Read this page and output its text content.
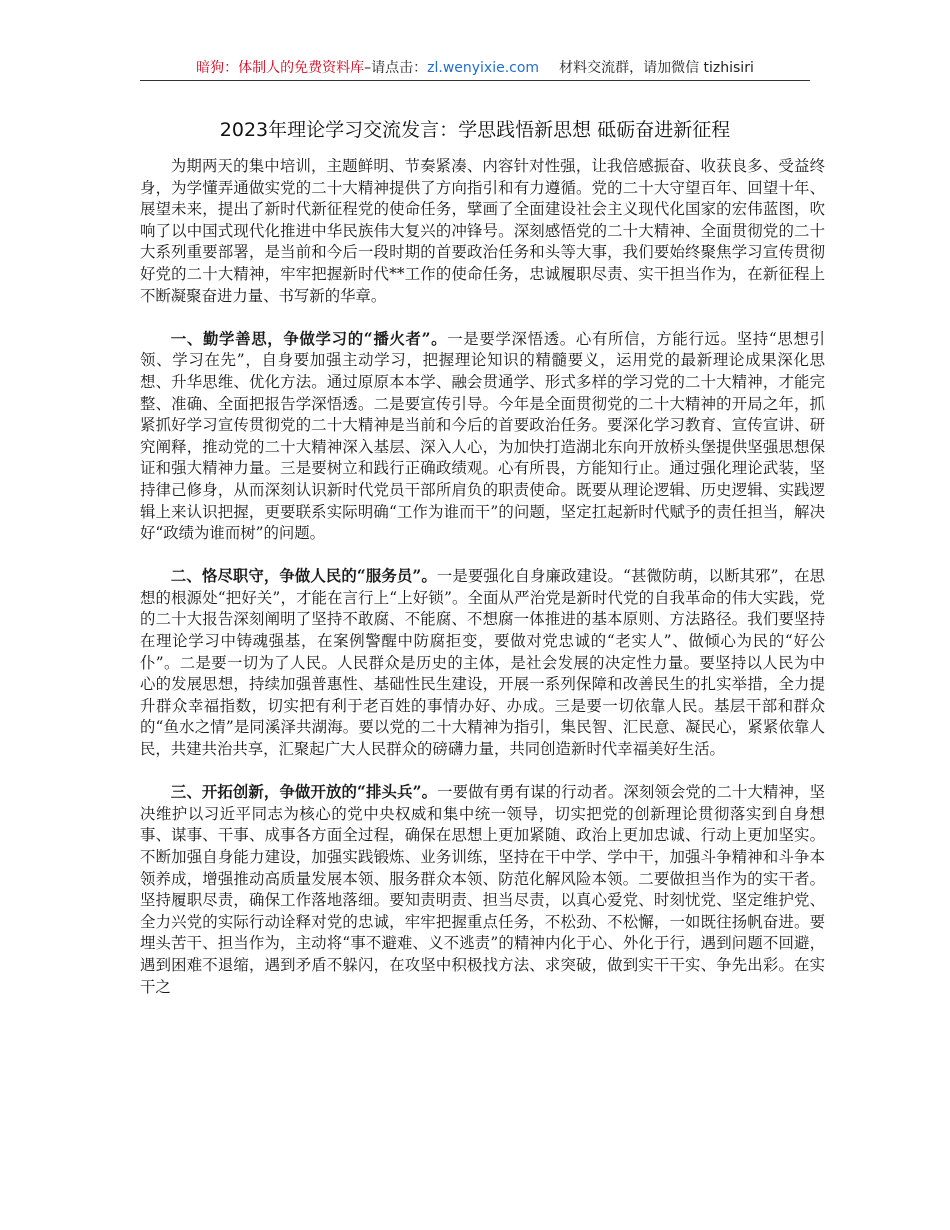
暗狗：体制人的免费资料库–请点击：zl.wenyixie.com 材料交流群，请加微信 tizhisiri
2023年理论学习交流发言：学思践悟新思想 砥砺奋进新征程

为期两天的集中培训，主题鲜明、节奏紧凑、内容针对性强，让我倍感振奋、收获良多、受益终身，为学懂弄通做实党的二十大精神提供了方向指引和有力遵循。党的二十大守望百年、回望十年、展望未来，提出了新时代新征程党的使命任务，擘画了全面建设社会主义现代化国家的宏伟蓝图，吹响了以中国式现代化推进中华民族伟大复兴的冲锋号。深刻感悟党的二十大精神、全面贯彻党的二十大系列重要部署，是当前和今后一段时期的首要政治任务和头等大事，我们要始终聚焦学习宣传贯彻好党的二十大精神，牢牢把握新时代**工作的使命任务，忠诚履职尽责、实干担当作为，在新征程上不断凝聚奋进力量、书写新的华章。

一、勤学善思，争做学习的“播火者”。一是要学深悟透。心有所信，方能行远。坚持“思想引领、学习在先”，自身要加强主动学习，把握理论知识的精髓要义，运用党的最新理论成果深化思想、升华思维、优化方法。通过原原本本学、融会贯通学、形式多样的学习党的二十大精神，才能完整、准确、全面把报告学深悟透。二是要宣传引导。今年是全面贯彻党的二十大精神的开局之年，抓紧抓好学习宣传贯彻党的二十大精神是当前和今后的首要政治任务。要深化学习教育、宣传宣讲、研究阐释，推动党的二十大精神深入基层、深入人心，为加快打造湖北东向开放桥头堡提供坚强思想保证和强大精神力量。三是要树立和践行正确政绩观。心有所畏，方能知行止。通过强化理论武装，坚持律己修身，从而深刻认识新时代党员干部所肩负的职责使命。既要从理论逻辑、历史逻辑、实践逻辑上来认识把握，更要联系实际明确“工作为谁而干”的问题，坚定扛起新时代赋予的责任担当，解决好“政绩为谁而树”的问题。

二、恪尽职守，争做人民的“服务员”。一是要强化自身廉政建设。“甚微防萌，以断其邪”，在思想的根源处“把好关”，才能在言行上“上好锁”。全面从严治党是新时代党的自我革命的伟大实践，党的二十大报告深刻阐明了坚持不敢腐、不能腐、不想腐一体推进的基本原则、方法路径。我们要坚持在理论学习中铸魂强基，在案例警醒中防腐拒变，要做对党忠诚的“老实人”、做倾心为民的“好公仆”。二是要一切为了人民。人民群众是历史的主体，是社会发展的决定性力量。要坚持以人民为中心的发展思想，持续加强普惠性、基础性民生建设，开展一系列保障和改善民生的扎实举措，全力提升群众幸福指数，切实把有利于老百姓的事情办好、办成。三是要一切依靠人民。基层干部和群众的“鱼水之情”是同溪泽共湖海。要以党的二十大精神为指引，集民智、汇民意、凝民心，紧紧依靠人民，共建共治共享，汇聚起广大人民群众的磅礴力量，共同创造新时代幸福美好生活。

三、开拓创新，争做开放的“排头兵”。一要做有勇有谋的行动者。深刻领会党的二十大精神，坚决维护以习近平同志为核心的党中央权威和集中统一领导，切实把党的创新理论贯彻落实到自身想事、谋事、干事、成事各方面全过程，确保在思想上更加紧随、政治上更加忠诚、行动上更加坚实。不断加强自身能力建设，加强实践锻炼、业务训练，坚持在干中学、学中干，加强斗争精神和斗争本领养成，增强推动高质量发展本领、服务群众本领、防范化解风险本领。二要做担当作为的实干者。坚持履职尽责，确保工作落地落细。要知责明责、担当尽责，以真心爱党、时刻忧党、坚定维护党、全力兴党的实际行动诠释对党的忠诚，牢牢把握重点任务，不松劲、不松懈，一如既往扬帆奋进。要埋头苦干、担当作为，主动将“事不避难、义不逃责”的精神内化于心、外化于行，遇到问题不回避，遇到困难不退缩，遇到矛盾不躲闪，在攻坚中积极找方法、求突破，做到实干干实、争先出彩。在实干之
